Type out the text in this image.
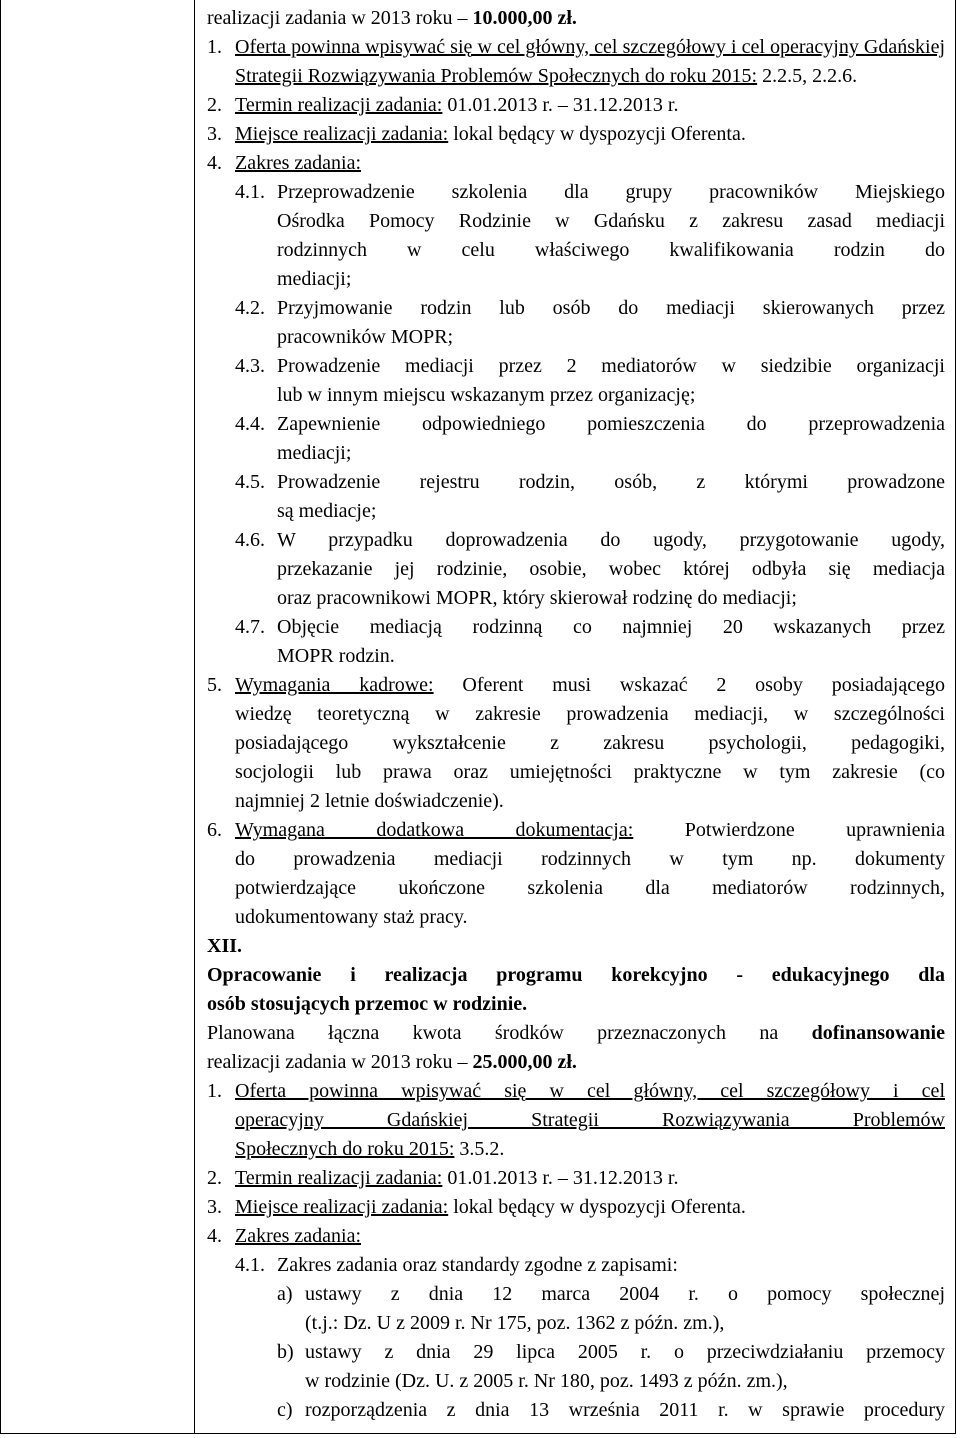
realizacji zadania w 2013 roku – 10.000,00 zł.

1. Oferta powinna wpisywać się w cel główny, cel szczegółowy i cel operacyjny Gdańskiej Strategii Rozwiązywania Problemów Społecznych do roku 2015: 2.2.5, 2.2.6.
2. Termin realizacji zadania: 01.01.2013 r. – 31.12.2013 r.
3. Miejsce realizacji zadania: lokal będący w dyspozycji Oferenta.
4. Zakres zadania:
4.1. Przeprowadzenie szkolenia dla grupy pracowników Miejskiego
Ośrodka Pomocy Rodzinie w Gdańsku z zakresu zasad mediacji
rodzinnych w celu właściwego kwalifikowania rodzin do
mediacji;
4.2. Przyjmowanie rodzin lub osób do mediacji skierowanych przez
pracowników MOPR;
4.3. Prowadzenie mediacji przez 2 mediatorów w siedzibie organizacji
lub w innym miejscu wskazanym przez organizację;
4.4. Zapewnienie odpowiedniego pomieszczenia do przeprowadzenia
mediacji;
4.5. Prowadzenie rejestru rodzin, osób, z którymi prowadzone
są mediacje;
4.6. W przypadku doprowadzenia do ugody, przygotowanie ugody,
przekazanie jej rodzinie, osobie, wobec której odbyła się mediacja
oraz pracownikowi MOPR, który skierował rodzinę do mediacji;
4.7. Objęcie mediacją rodzinną co najmniej 20 wskazanych przez
MOPR rodzin.
5. Wymagania kadrowe: Oferent musi wskazać 2 osoby posiadającego
wiedzę teoretyczną w zakresie prowadzenia mediacji, w szczególności
posiadającego wykształcenie z zakresu psychologii, pedagogiki,
socjologii lub prawa oraz umiejętności praktyczne w tym zakresie (co
najmniej 2 letnie doświadczenie).
6. Wymagana dodatkowa dokumentacja: Potwierdzone uprawnienia
do prowadzenia mediacji rodzinnych w tym np. dokumenty
potwierdzające ukończone szkolenia dla mediatorów rodzinnych,
udokumentowany staż pracy.

XII.

Opracowanie i realizacja programu korekcyjno - edukacyjnego dla
osób stosujących przemoc w rodzinie.

Planowana łączna kwota środków przeznaczonych na dofinansowanie
realizacji zadania w 2013 roku – 25.000,00 zł.

1. Oferta powinna wpisywać się w cel główny, cel szczegółowy i cel
operacyjny Gdańskiej Strategii Rozwiązywania Problemów
Społecznych do roku 2015: 3.5.2.
2. Termin realizacji zadania: 01.01.2013 r. – 31.12.2013 r.
3. Miejsce realizacji zadania: lokal będący w dyspozycji Oferenta.
4. Zakres zadania:
4.1. Zakres zadania oraz standardy zgodne z zapisami:
a) ustawy z dnia 12 marca 2004 r. o pomocy społecznej
(t.j.: Dz. U z 2009 r. Nr 175, poz. 1362 z późn. zm.),
b) ustawy z dnia 29 lipca 2005 r. o przeciwdziałaniu przemocy
w rodzinie (Dz. U. z 2005 r. Nr 180, poz. 1493 z późn. zm.),
c) rozporządzenia z dnia 13 września 2011 r. w sprawie procedury
